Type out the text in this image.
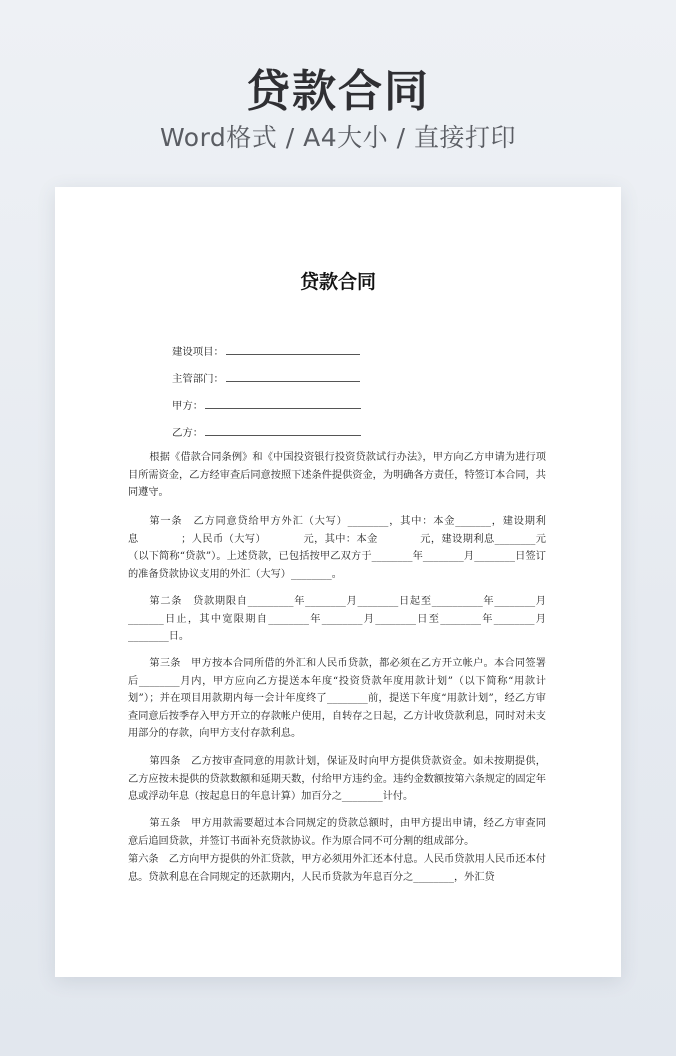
贷款合同
Word格式 / A4大小 / 直接打印
贷款合同
建设项目：
主管部门：
甲方：
乙方：

根据《借款合同条例》和《中国投资银行投资贷款试行办法》，甲方向乙方申请为进行项目所需资金，乙方经审查后同意按照下述条件提供资金，为明确各方责任，特签订本合同，共同遵守。

第一条　乙方同意贷给甲方外汇（大写）________，其中：本金_______，建设期利息　　　　；人民币（大写）　　　　元，其中：本金　　　　元，建设期利息________元（以下简称“贷款”）。上述贷款，已包括按甲乙双方于________年________月________日签订的准备贷款协议支用的外汇（大写）________。

第二条　贷款期限自_________年________月________日起至__________年________月_______日止，其中宽限期自________年________月________日至________年________月________日。

第三条　甲方按本合同所借的外汇和人民币贷款，都必须在乙方开立帐户。本合同签署后________月内，甲方应向乙方提送本年度“投资贷款年度用款计划”（以下简称“用款计划”）；并在项目用款期内每一会计年度终了________前，提送下年度“用款计划”，经乙方审查同意后按季存入甲方开立的存款帐户使用，自转存之日起，乙方计收贷款利息，同时对未支用部分的存款，向甲方支付存款利息。

第四条　乙方按审查同意的用款计划，保证及时向甲方提供贷款资金。如未按期提供，乙方应按未提供的贷款数额和延期天数，付给甲方违约金。违约金数额按第六条规定的固定年息或浮动年息（按起息日的年息计算）加百分之________计付。

第五条　甲方用款需要超过本合同规定的贷款总额时，由甲方提出申请，经乙方审查同意后追回贷款，并签订书面补充贷款协议。作为原合同不可分割的组成部分。

第六条　乙方向甲方提供的外汇贷款，甲方必须用外汇还本付息。人民币贷款用人民币还本付息。贷款利息在合同规定的还款期内，人民币贷款为年息百分之________，外汇贷
